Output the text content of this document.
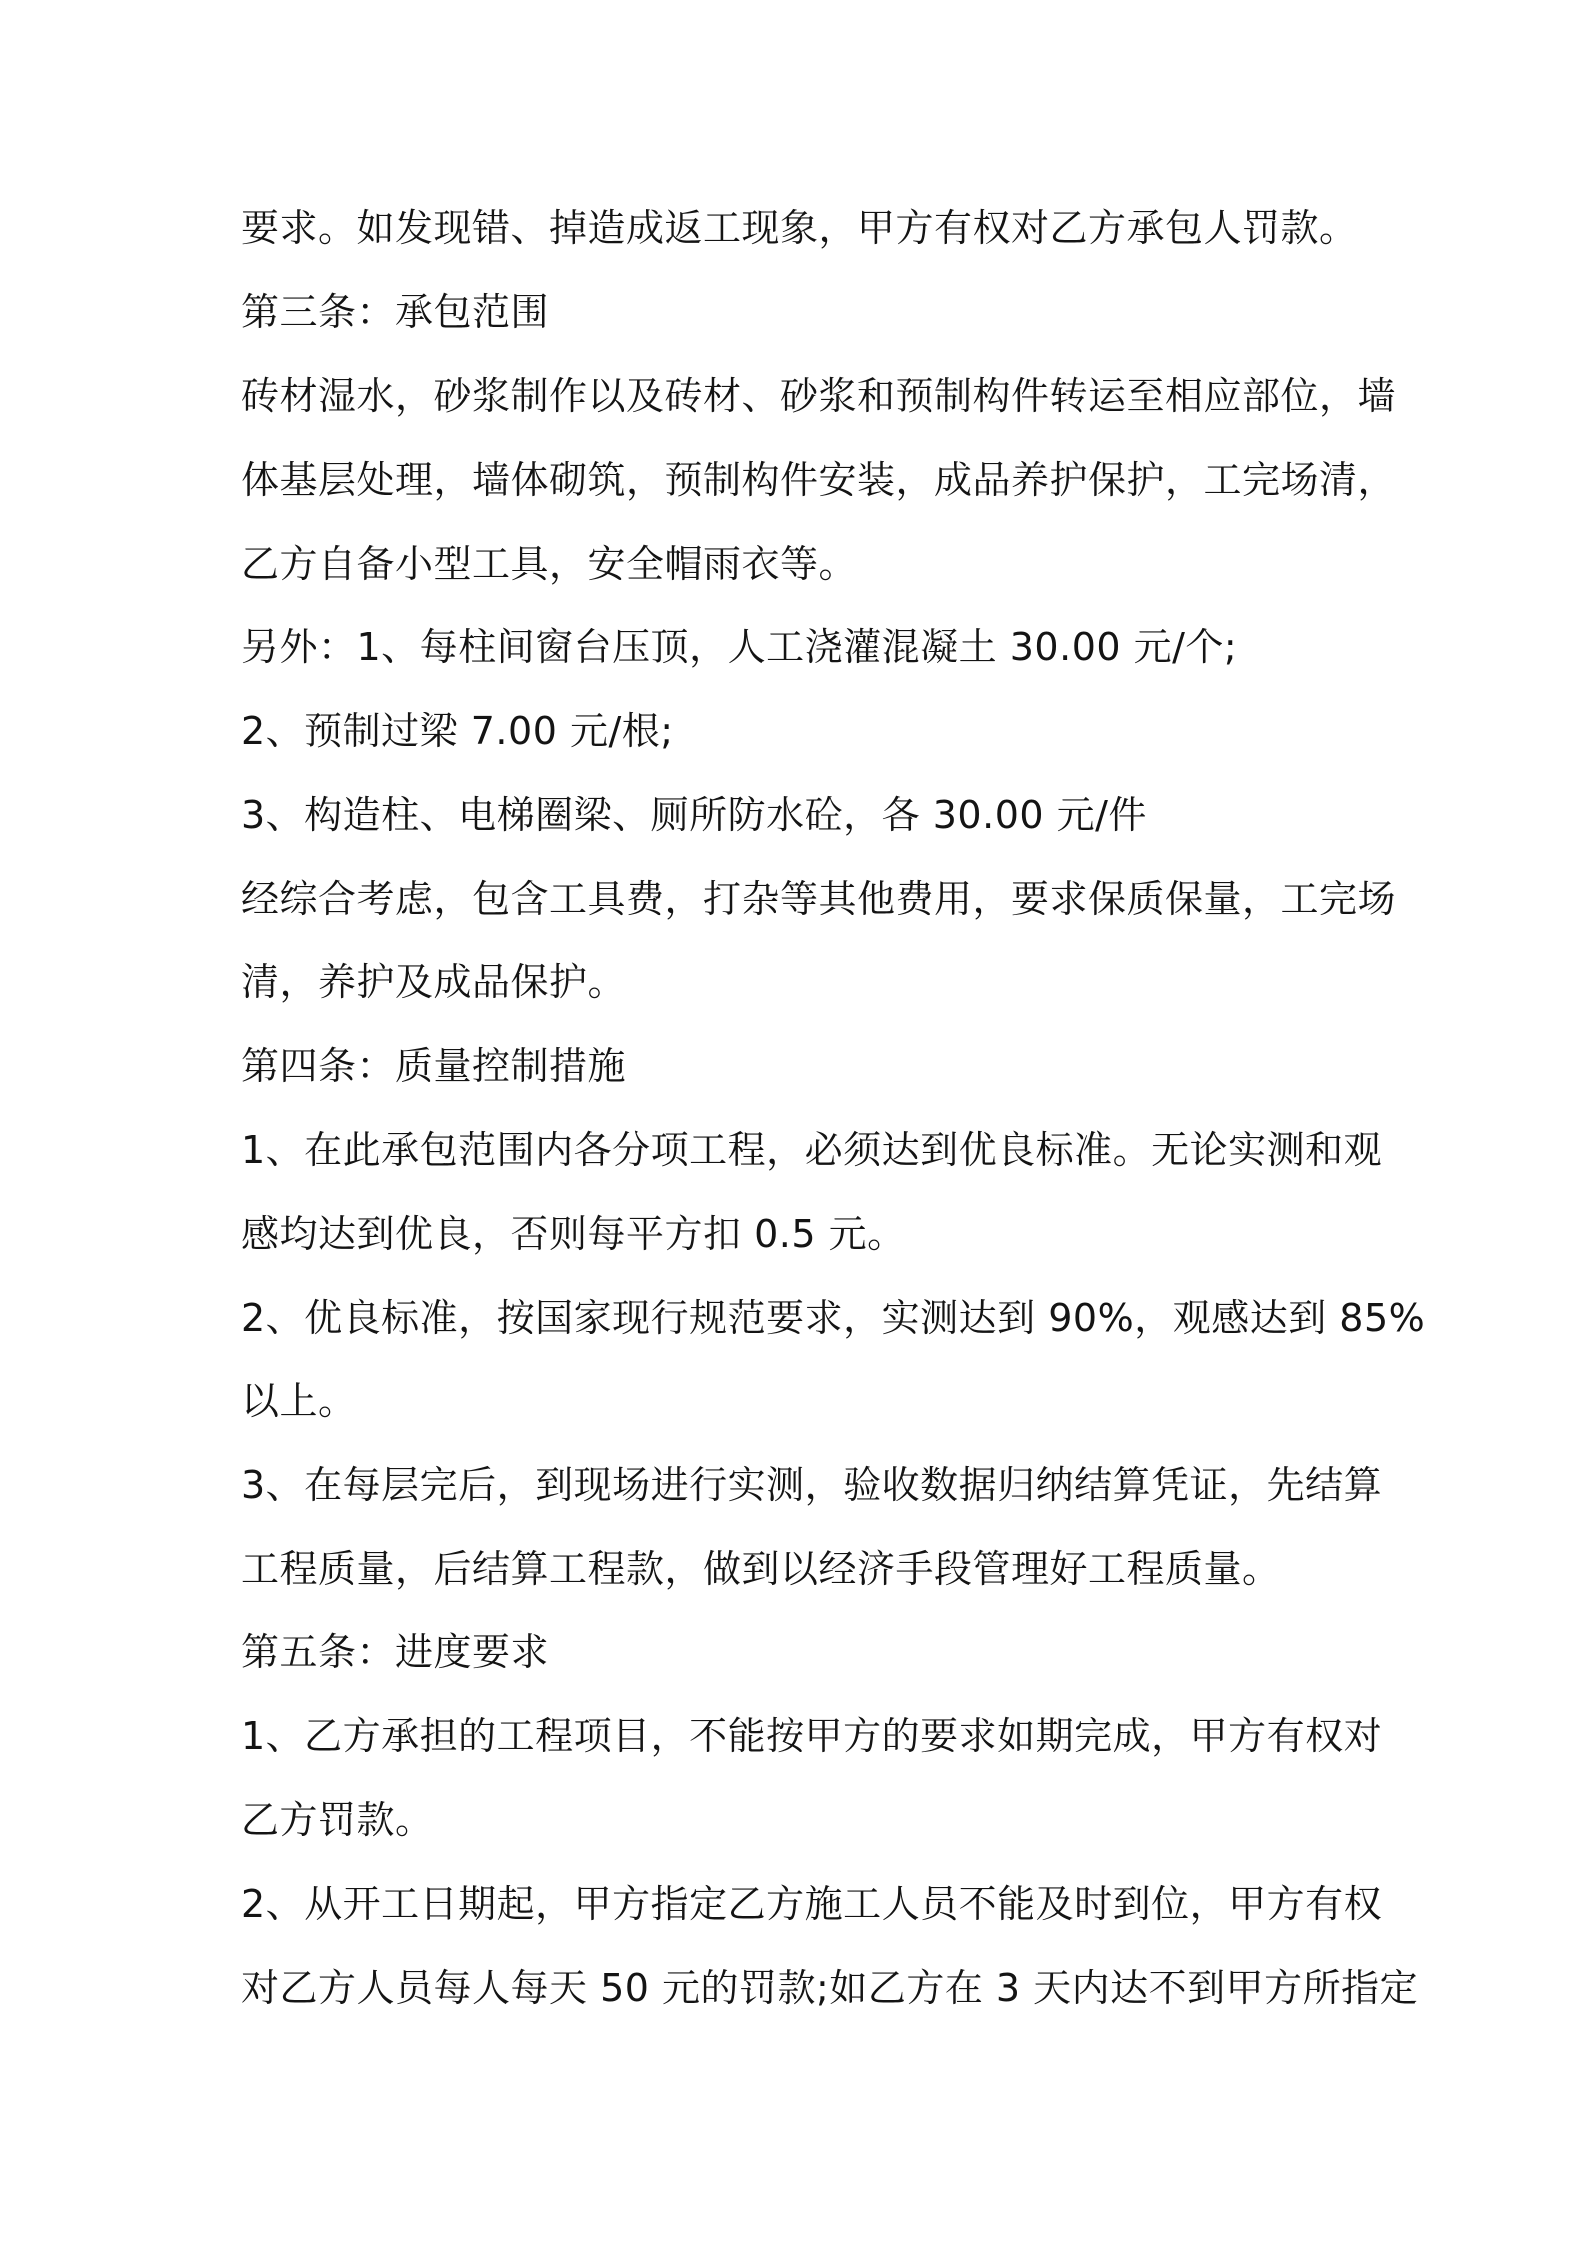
要求。如发现错、掉造成返工现象，甲方有权对乙方承包人罚款。
第三条：承包范围
砖材湿水，砂浆制作以及砖材、砂浆和预制构件转运至相应部位，墙
体基层处理，墙体砌筑，预制构件安装，成品养护保护，工完场清，
乙方自备小型工具，安全帽雨衣等。
另外：1、每柱间窗台压顶，人工浇灌混凝土 30.00 元/个;
2、预制过梁 7.00 元/根;
3、构造柱、电梯圈梁、厕所防水砼，各 30.00 元/件
经综合考虑，包含工具费，打杂等其他费用，要求保质保量，工完场
清，养护及成品保护。
第四条：质量控制措施
1、在此承包范围内各分项工程，必须达到优良标准。无论实测和观
感均达到优良，否则每平方扣 0.5 元。
2、优良标准，按国家现行规范要求，实测达到 90%，观感达到 85%
以上。
3、在每层完后，到现场进行实测，验收数据归纳结算凭证，先结算
工程质量，后结算工程款，做到以经济手段管理好工程质量。
第五条：进度要求
1、乙方承担的工程项目，不能按甲方的要求如期完成，甲方有权对
乙方罚款。
2、从开工日期起，甲方指定乙方施工人员不能及时到位，甲方有权
对乙方人员每人每天 50 元的罚款;如乙方在 3 天内达不到甲方所指定
